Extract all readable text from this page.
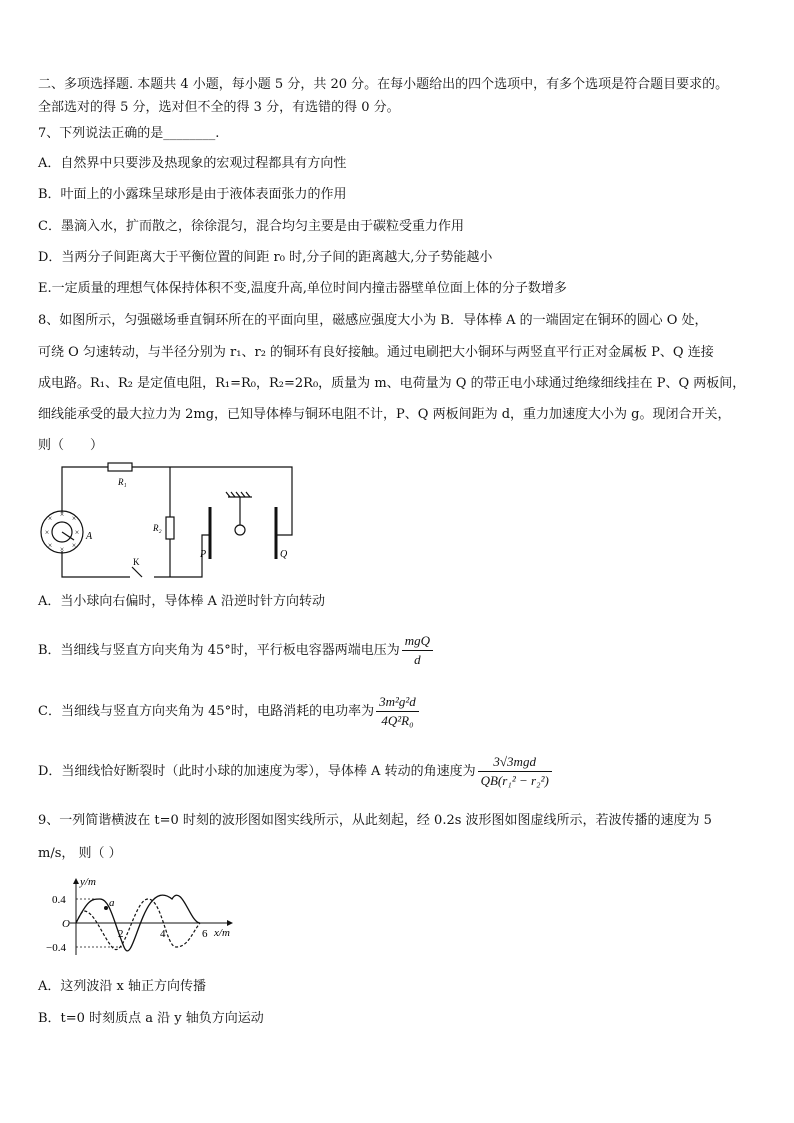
二、多项选择题. 本题共 4 小题，每小题 5 分，共 20 分。在每小题给出的四个选项中，有多个选项是符合题目要求的。
全部选对的得 5 分，选对但不全的得 3 分，有选错的得 0 分。
7、下列说法正确的是________.
A．自然界中只要涉及热现象的宏观过程都具有方向性
B．叶面上的小露珠呈球形是由于液体表面张力的作用
C．墨滴入水，扩而散之，徐徐混匀，混合均匀主要是由于碳粒受重力作用
D．当两分子间距离大于平衡位置的间距 r₀ 时,分子间的距离越大,分子势能越小
E.一定质量的理想气体保持体积不变,温度升高,单位时间内撞击器壁单位面上体的分子数增多
8、如图所示，匀强磁场垂直铜环所在的平面向里，磁感应强度大小为 B．导体棒 A 的一端固定在铜环的圆心 O 处，
可绕 O 匀速转动，与半径分别为 r₁、r₂ 的铜环有良好接触。通过电刷把大小铜环与两竖直平行正对金属板 P、Q 连接
成电路。R₁、R₂ 是定值电阻，R₁=R₀，R₂=2R₀，质量为 m、电荷量为 Q 的带正电小球通过绝缘细线挂在 P、Q 两板间，
细线能承受的最大拉力为 2mg，已知导体棒与铜环电阻不计，P、Q 两板间距为 d，重力加速度大小为 g。现闭合开关，
则（　　）
× × ×
×	×
× × ×
R₁
R₂
A
K
P	Q
A．当小球向右偏时，导体棒 A 沿逆时针方向转动
B．当细线与竖直方向夹角为 45°时，平行板电容器两端电压为 $\frac{\text{mgQ}}{d}$
C．当细线与竖直方向夹角为 45°时，电路消耗的电功率为 $\frac{\text{3m²g²d}}{\text{4Q²R₀}}$
D．当细线恰好断裂时（此时小球的加速度为零），导体棒 A 转动的角速度为 $\frac{\text{3√3mgd}}{\text{QB(r₁² − r₂²)}}$
9、一列简谐横波在 t=0 时刻的波形图如图实线所示，从此刻起，经 0.2s 波形图如图虚线所示，若波传播的速度为 5
m/s， 则（ ）
y/m
x/m
O
0.4
−0.4
2	4	6
a
A．这列波沿 x 轴正方向传播
B．t=0 时刻质点 a 沿 y 轴负方向运动
